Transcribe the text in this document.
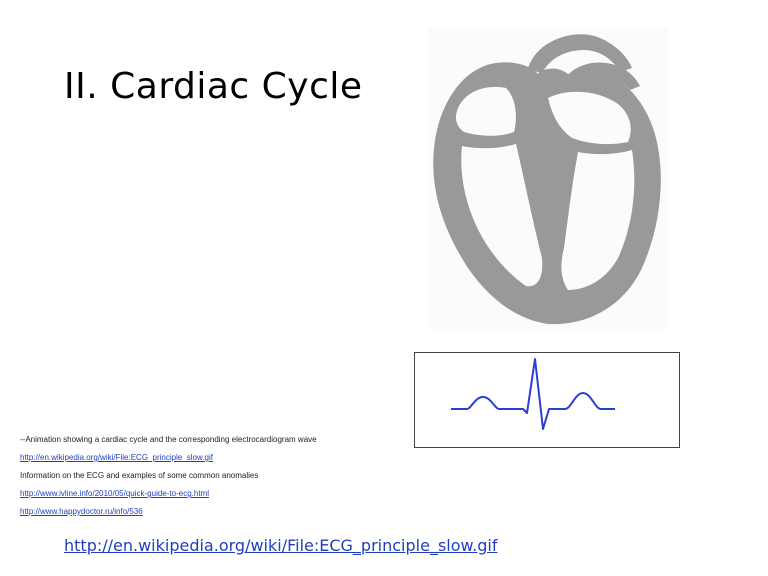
II. Cardiac Cycle
--Animation showing a cardiac cycle and the corresponding electrocardiogram wave
http://en.wikipedia.org/wiki/File:ECG_principle_slow.gif
Information on the ECG and examples of some common anomalies
http://www.ivline.info/2010/05/quick-guide-to-ecg.html
http://www.happydoctor.ru/info/536
http://en.wikipedia.org/wiki/File:ECG_principle_slow.gif
